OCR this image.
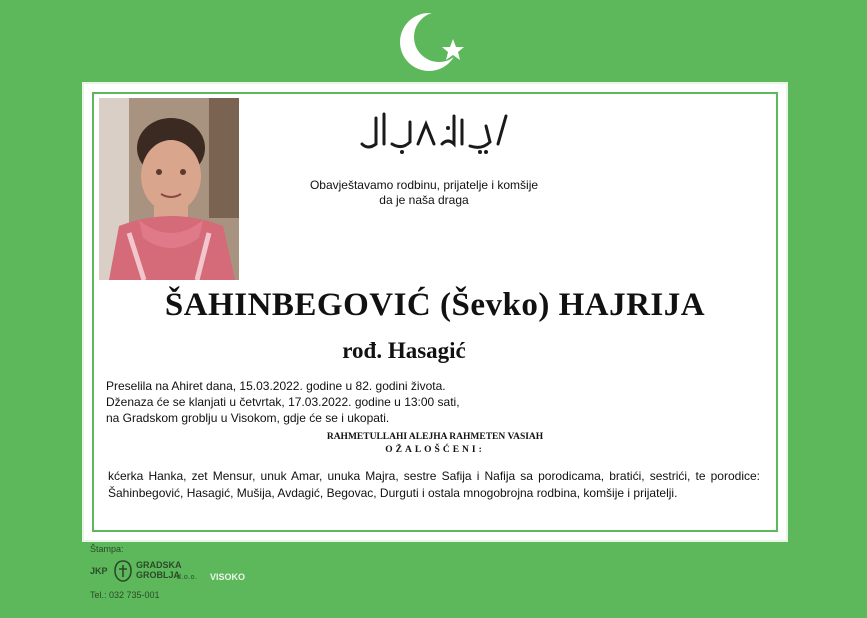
Obavještavamo rodbinu, prijatelje i komšije
da je naša draga
ŠAHINBEGOVIĆ (Ševko) HAJRIJA
rođ. Hasagić
Preselila na Ahiret dana, 15.03.2022. godine u 82. godini života.
Dženaza će se klanjati u četvrtak, 17.03.2022. godine u 13:00 sati,
na Gradskom groblju u Visokom, gdje će se i ukopati.
RAHMETULLAHI ALEJHA RAHMETEN VASIAH
OŽALOŠĆENI:
kćerka Hanka, zet Mensur, unuk Amar, unuka Majra, sestre Safija i Nafija sa porodicama, bratići, sestrići, te porodice: Šahinbegović, Hasagić, Mušija, Avdagić, Begovac, Durguti i ostala mnogobrojna rodbina, komšije i prijatelji.
Štampa:
JKP
GRADSKA
GROBLJA
d.o.o. VISOKO
Tel.: 032 735-001
